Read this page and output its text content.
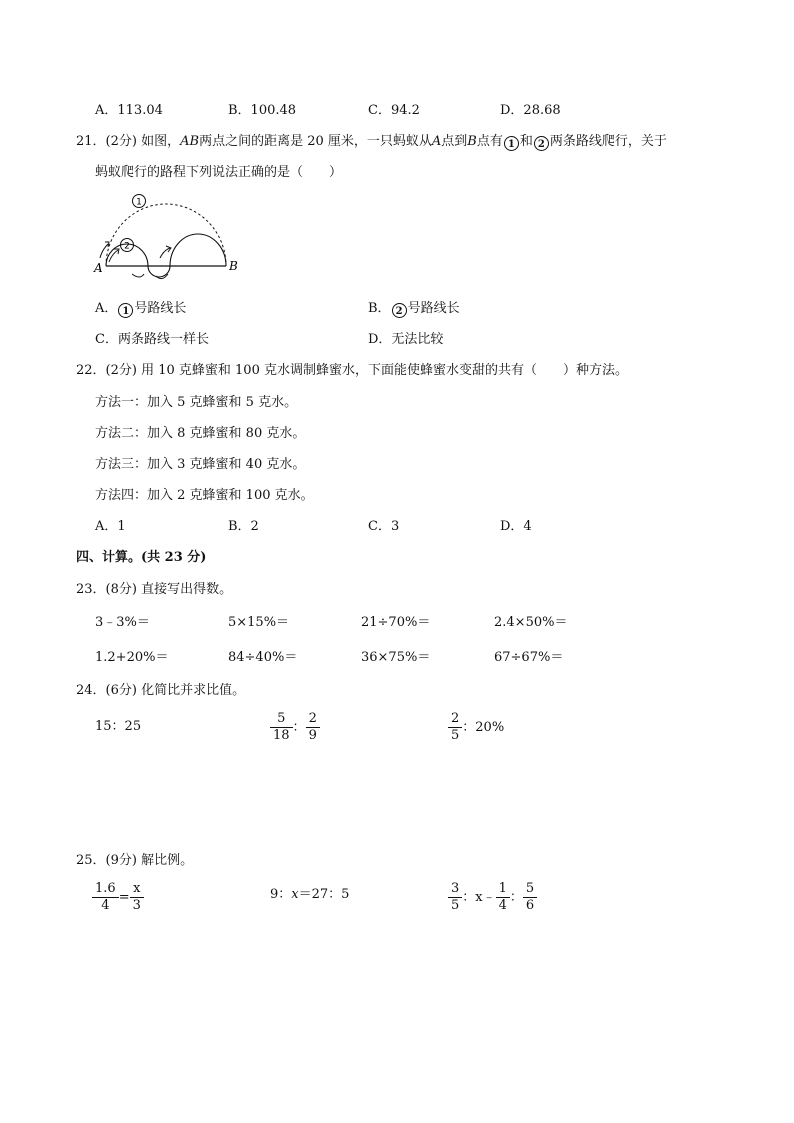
A．113.04	B．100.48	C．94.2	D．28.68
21．(2分) 如图，AB两点之间的距离是 20 厘米，一只蚂蚁从A点到B点有 1 和 2 两条路线爬行，关于
蚂蚁爬行的路程下列说法正确的是（　　）
1
2
A	B
A． 1 号路线长	B． 2 号路线长
C．两条路线一样长	D．无法比较
22．(2分) 用 10 克蜂蜜和 100 克水调制蜂蜜水，下面能使蜂蜜水变甜的共有（　　）种方法。
方法一：加入 5 克蜂蜜和 5 克水。
方法二：加入 8 克蜂蜜和 80 克水。
方法三：加入 3 克蜂蜜和 40 克水。
方法四：加入 2 克蜂蜜和 100 克水。
A．1	B．2	C．3	D．4
四、计算。(共 23 分)
23．(8分) 直接写出得数。
3﹣3%＝	5×15%＝	21÷70%＝	2.4×50%＝
1.2+20%＝	84÷40%＝	36×75%＝	67÷67%＝
24．(6分) 化简比并求比值。
15：25	$\frac{5}{18}$ ： $\frac{2}{9}$	$\frac{2}{5}$ ：20%
25．(9分) 解比例。
$\frac{1.6}{4} = \frac{x}{3}$	9：x＝27：5	$\frac{3}{5}$ ：x﹣ $\frac{1}{4}$ ： $\frac{5}{6}$
